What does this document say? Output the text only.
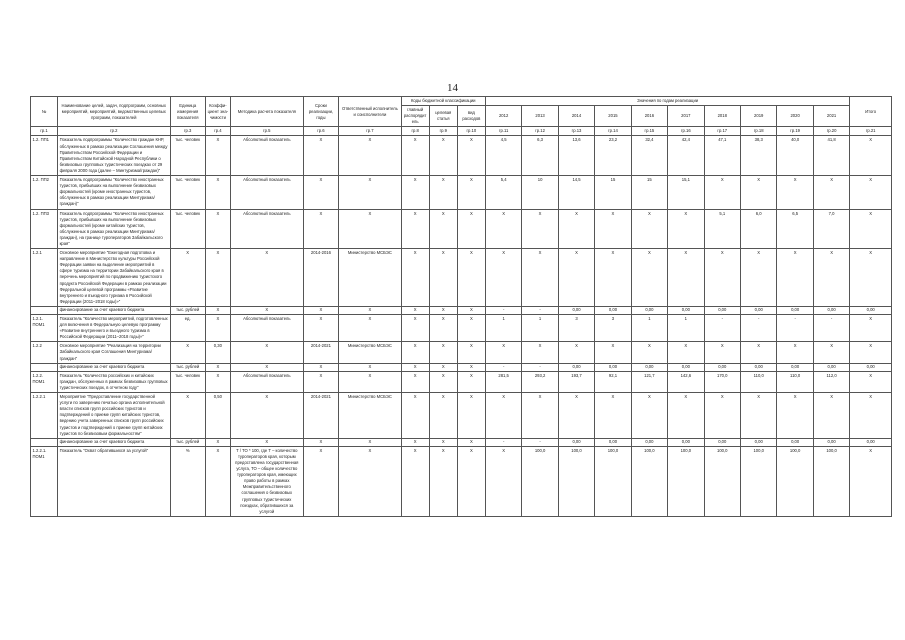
14
№	Наименование целей, задач, подпрограмм, основных мероприятий, мероприятий, ведомственных целевых программ, показателей	Единица измерения показателя	Коэффи-циент зна-чимости	Методика расчета показателя	Сроки реализации, годы	Ответственный исполнитель и соисполнители	Коды бюджетной классификации			Значения по годам реализации										Итого
							главный распорядитель	целевая статья	вид расходов	2012	2013	2014	2015	2016	2017	2018	2019	2020	2021	
гр.1	гр.2	гр.3	гр.4	гр.5	гр.6	гр.7	гр.8	гр.9	гр.10	гр.11	гр.12	гр.13	гр.14	гр.15	гр.16	гр.17	гр.18	гр.19	гр.20	гр.21
1.2. ПП1	Показатель подпрограммы "Количество граждан КНР, обслуженных в рамках реализации Соглашения между Правительством Российской Федерации и Правительством Китайской Народной Республики о безвизовых групповых туристических поездках от 29 февраля 2000 года (далее – Минтуризма/граждан)"	тыс. человек	X	Абсолютный показатель	X	X	X	X	X	4,5	6,3	13,6	23,2	32,4	42,4	47,1	38,3	40,0	41,8	X
1.2. ПП2	Показатель подпрограммы "Количество иностранных туристов, прибывших на выполнение безвизовых формальностей (кроме иностранных туристов, обслуженных в рамках реализации Минтуризма/граждан)"	тыс. человек	X	Абсолютный показатель	X	X	X	X	X	5,4	10	14,5	15	15	15,1	X	X	X	X	X
1.2. ПП3	Показатель подпрограммы "Количество иностранных туристов, прибывших на выполнение безвизовых формальностей (кроме китайских туристов, обслуженных в рамках реализации Минтуризма/граждан), на границе туроператоров Забайкальского края"	тыс. человек	X	Абсолютный показатель	X	X	X	X	X	X	X	X	X	X	X	5,1	6,0	6,5	7,0	X
1.2.1	Основное мероприятие "Ежегодная подготовка и направление в Министерство культуры Российской Федерации заявки на выделение мероприятий в сфере туризма на территории Забайкальского края в перечень мероприятий по продвижению туристского продукта Российской Федерации в рамках реализации Федеральной целевой программы «Развитие внутреннего и въездного туризма в Российской Федерации (2011–2018 годы)»"	X	X	X	2014-2016	Министерство МСБЭС	X	X	X	X	X	X	X	X	X	X	X	X	X	X
	финансирование за счет краевого бюджета	тыс. рублей	X	X	X	X	X	X	X	-	-	0,00	0,00	0,00	0,00	0,00	0,00	0,00	0,00	0,00
1.2.1. ПОМ1	Показатель "Количество мероприятий, подготовленных для включения в Федеральную целевую программу «Развитие внутреннего и въездного туризма в Российской Федерации (2011–2018 годы)»"	ед.	X	Абсолютный показатель	X	X	X	X	X	1	1	3	3	1	1	-	-	-	-	X
1.2.2	Основное мероприятие "Реализация на территории Забайкальского края Соглашения Минтуризма/граждан"	X	0,30	X	2014-2021	Министерство МСБЭС	X	X	X	X	X	X	X	X	X	X	X	X	X	X
	финансирование за счет краевого бюджета	тыс. рублей	X	X	X	X	X	X	X	-	-	0,00	0,00	0,00	0,00	0,00	0,00	0,00	0,00	0,00
1.2.2. ПОМ1	Показатель "Количество российских и китайских граждан, обслуженных в рамках безвизовых групповых туристических поездок, в отчетном году"	тыс. человек	X	Абсолютный показатель	X	X	X	X	X	281,5	293,2	193,7	92,1	121,7	142,6	170,0	110,0	110,0	112,0	X
1.2.2.1	Мероприятие "Предоставление государственной услуги по заверению печатью органа исполнительной власти списков групп российских туристов и подтверждений о приеме групп китайских туристов, ведению учета заверенных списков групп российских туристов и подтверждений о приеме групп китайских туристов по безвизовым формальностям"	X	0,50	X	2014-2021	Министерство МСБЭС	X	X	X	X	X	X	X	X	X	X	X	X	X	X
	финансирование за счет краевого бюджета	тыс. рублей	X	X	X	X	X	X	X	-	-	0,00	0,00	0,00	0,00	0,00	0,00	0,00	0,00	0,00
1.2.2.1. ПОМ1	Показатель "Охват обратившихся за услугой"	%	X	Т / ТО * 100, где Т – количество туроператоров края, которым предоставлена государственная услуга, ТО – общее количество туроператоров края, имеющих право работы в рамках Межправительственного соглашения о безвизовых групповых туристических поездках, обратившихся за услугой	X	X	X	X	X	X	100,0	100,0	100,0	100,0	100,0	100,0	100,0	100,0	100,0	X
